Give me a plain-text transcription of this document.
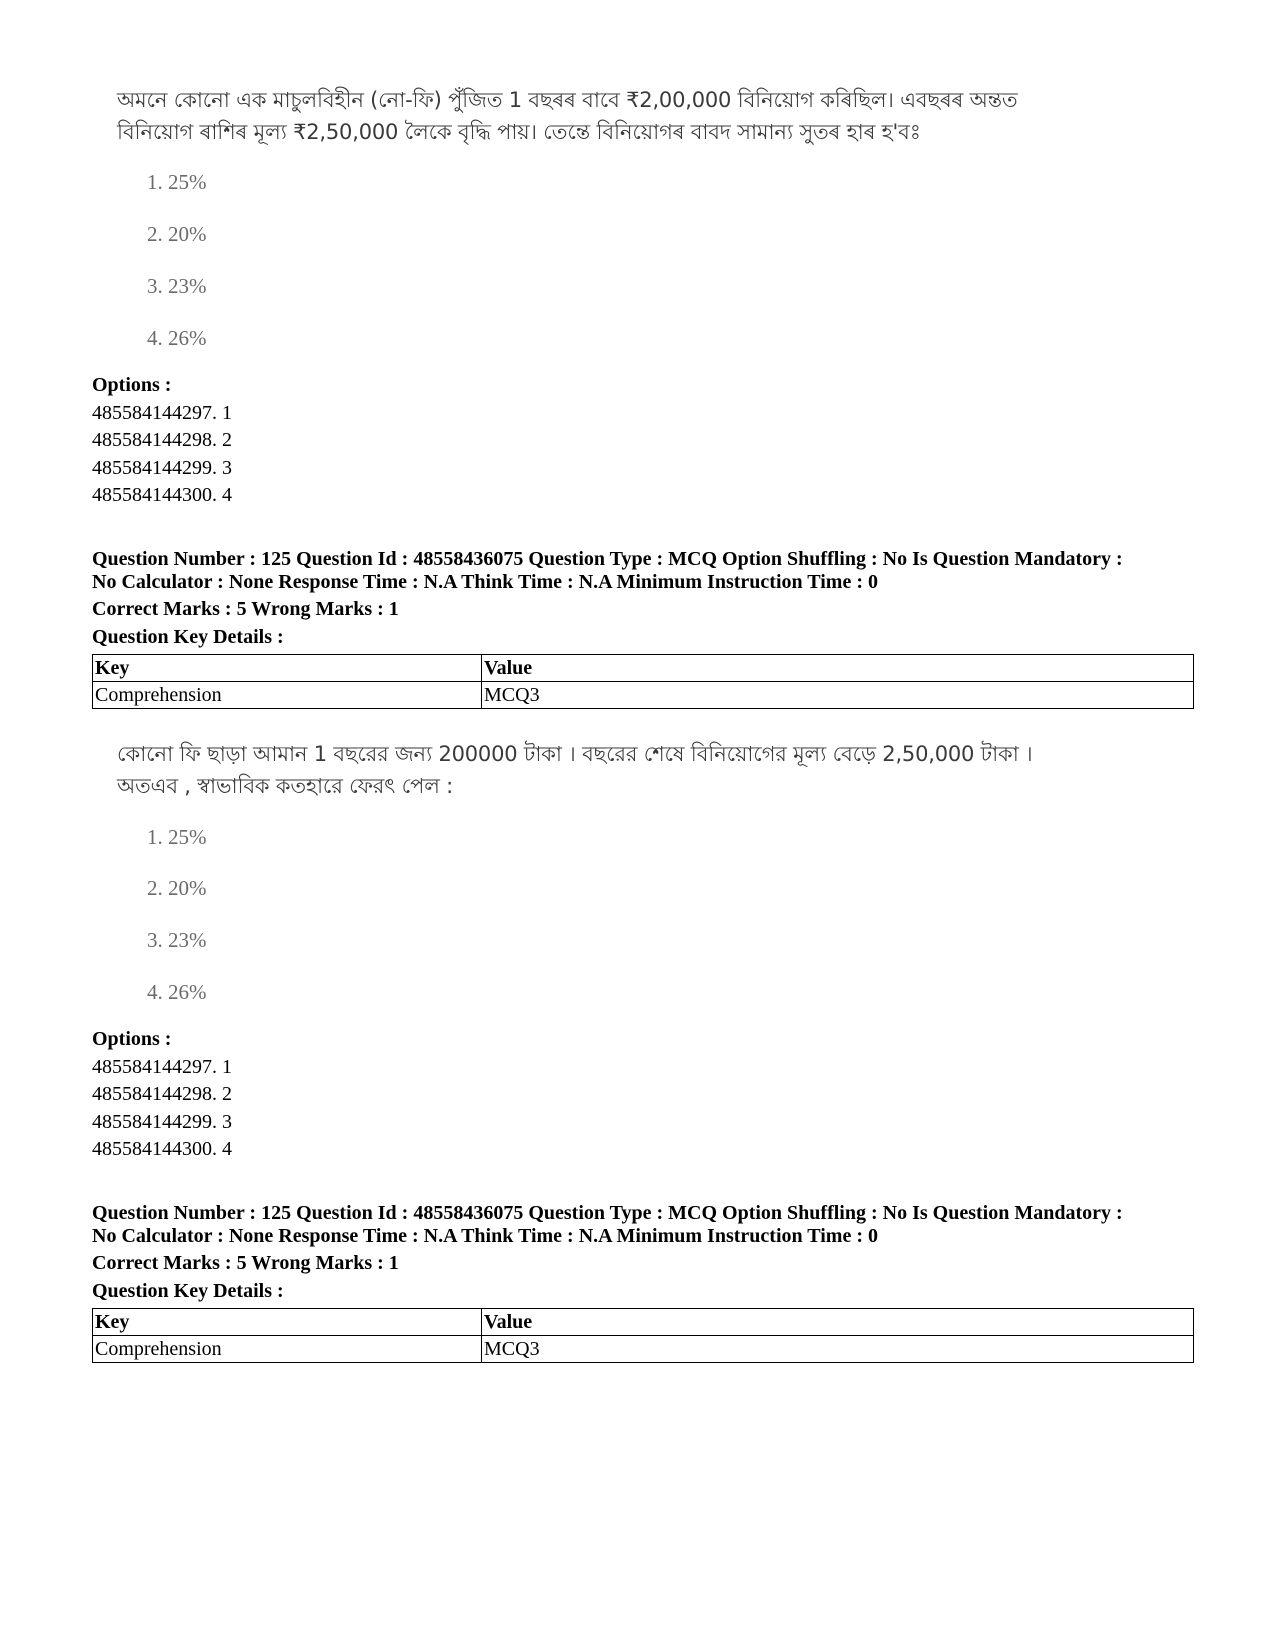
অমনে কোনো এক মাচুলবিহীন (নো-ফি) পুঁজিত 1 বছৰৰ বাবে ₹2,00,000 বিনিয়োগ কৰিছিল। এবছৰৰ অন্তত
বিনিয়োগ ৰাশিৰ মূল্য ₹2,50,000 লৈকে বৃদ্ধি পায়। তেন্তে বিনিয়োগৰ বাবদ সামান্য সুতৰ হাৰ হ'বঃ
1. 25%
2. 20%
3. 23%
4. 26%
Options :
485584144297. 1
485584144298. 2
485584144299. 3
485584144300. 4
Question Number : 125 Question Id : 48558436075 Question Type : MCQ Option Shuffling : No Is Question Mandatory :
No Calculator : None Response Time : N.A Think Time : N.A Minimum Instruction Time : 0
Correct Marks : 5 Wrong Marks : 1
Question Key Details :
Key	Value
Comprehension	MCQ3
কোনো ফি ছাড়া আমান 1 বছরের জন্য 200000 টাকা । বছরের শেষে বিনিয়োগের মূল্য বেড়ে 2,50,000 টাকা ।
অতএব , স্বাভাবিক কতহারে ফেরৎ পেল :
1. 25%
2. 20%
3. 23%
4. 26%
Options :
485584144297. 1
485584144298. 2
485584144299. 3
485584144300. 4
Question Number : 125 Question Id : 48558436075 Question Type : MCQ Option Shuffling : No Is Question Mandatory :
No Calculator : None Response Time : N.A Think Time : N.A Minimum Instruction Time : 0
Correct Marks : 5 Wrong Marks : 1
Question Key Details :
Key	Value
Comprehension	MCQ3
